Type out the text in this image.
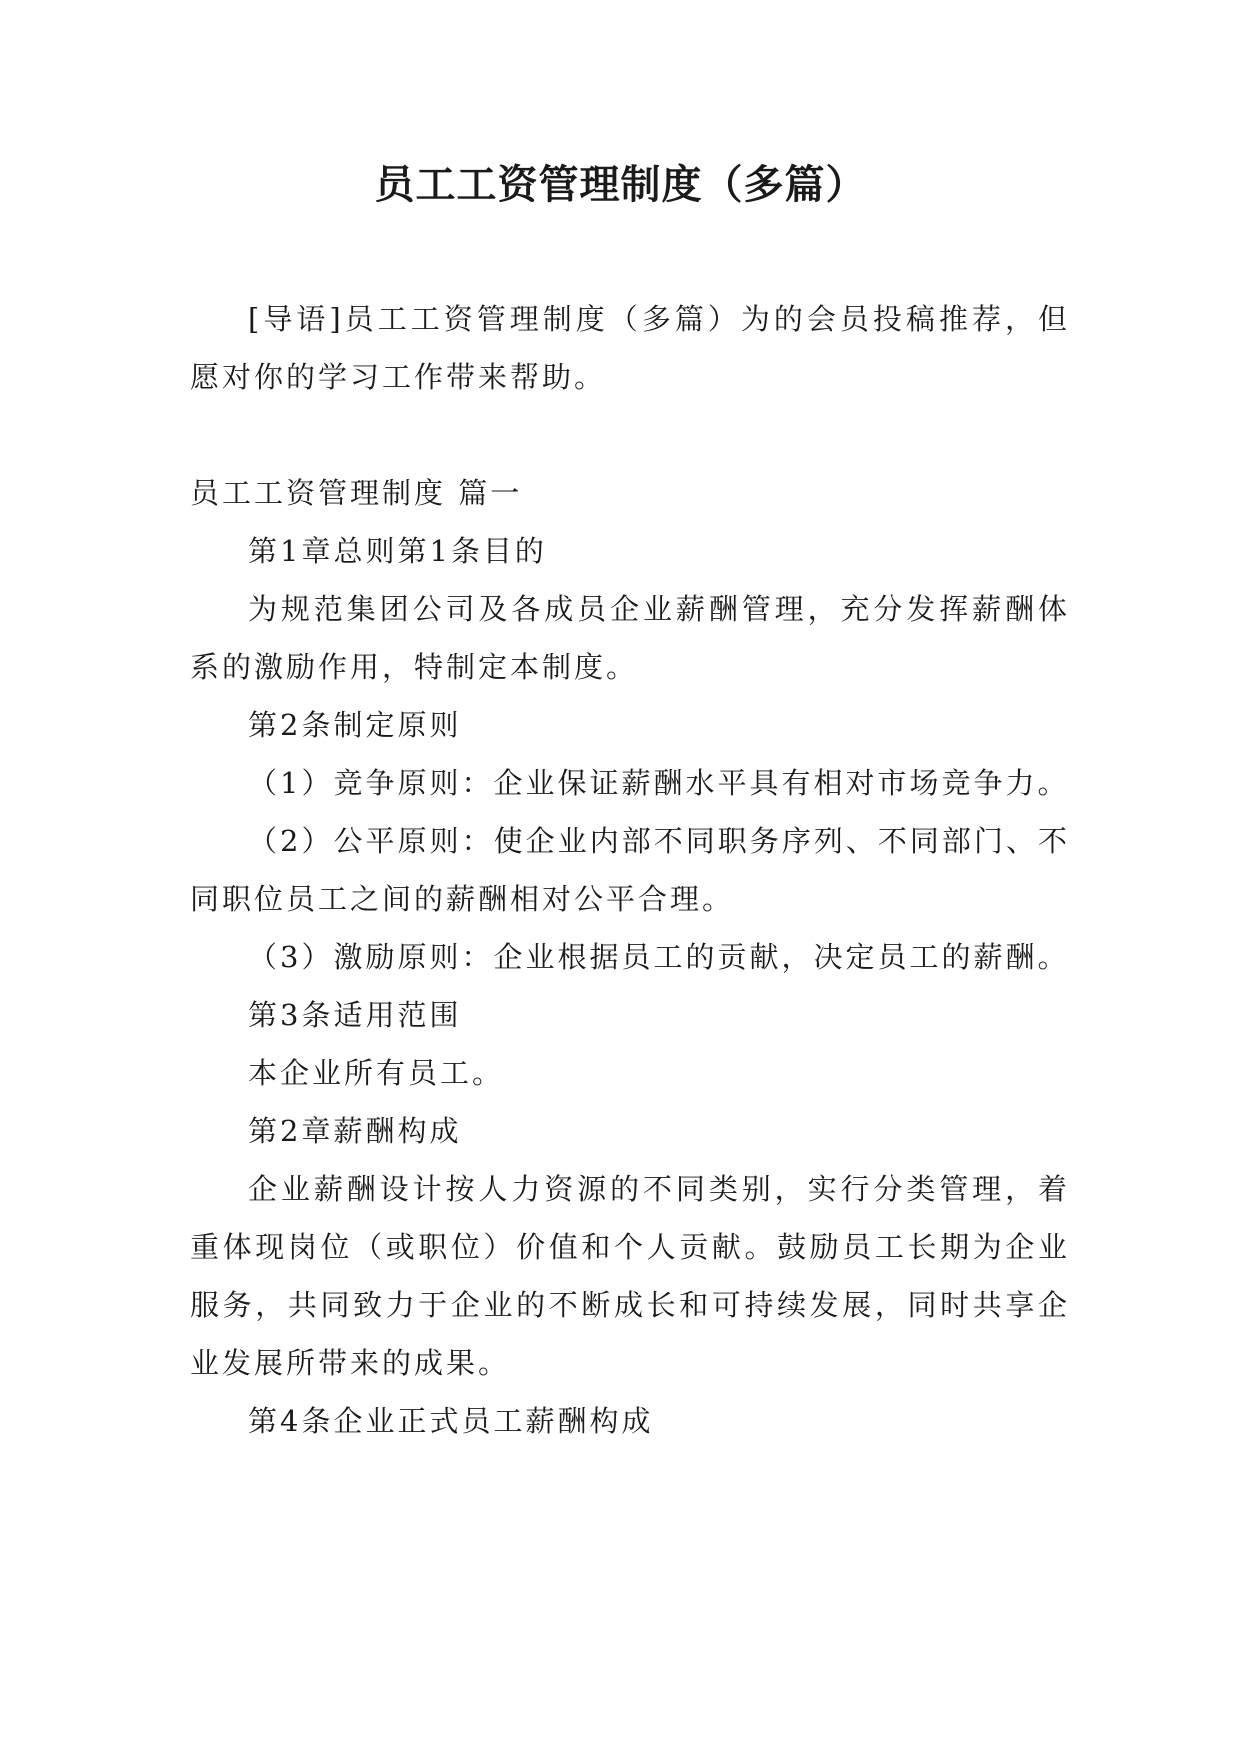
员工工资管理制度（多篇）

[导语]员工工资管理制度（多篇）为的会员投稿推荐，但愿对你的学习工作带来帮助。

员工工资管理制度 篇一

第1章总则第1条目的

为规范集团公司及各成员企业薪酬管理，充分发挥薪酬体系的激励作用，特制定本制度。

第2条制定原则

（1）竞争原则：企业保证薪酬水平具有相对市场竞争力。

（2）公平原则：使企业内部不同职务序列、不同部门、不同职位员工之间的薪酬相对公平合理。

（3）激励原则：企业根据员工的贡献，决定员工的薪酬。

第3条适用范围

本企业所有员工。

第2章薪酬构成

企业薪酬设计按人力资源的不同类别，实行分类管理，着重体现岗位（或职位）价值和个人贡献。鼓励员工长期为企业服务，共同致力于企业的不断成长和可持续发展，同时共享企业发展所带来的成果。

第4条企业正式员工薪酬构成
